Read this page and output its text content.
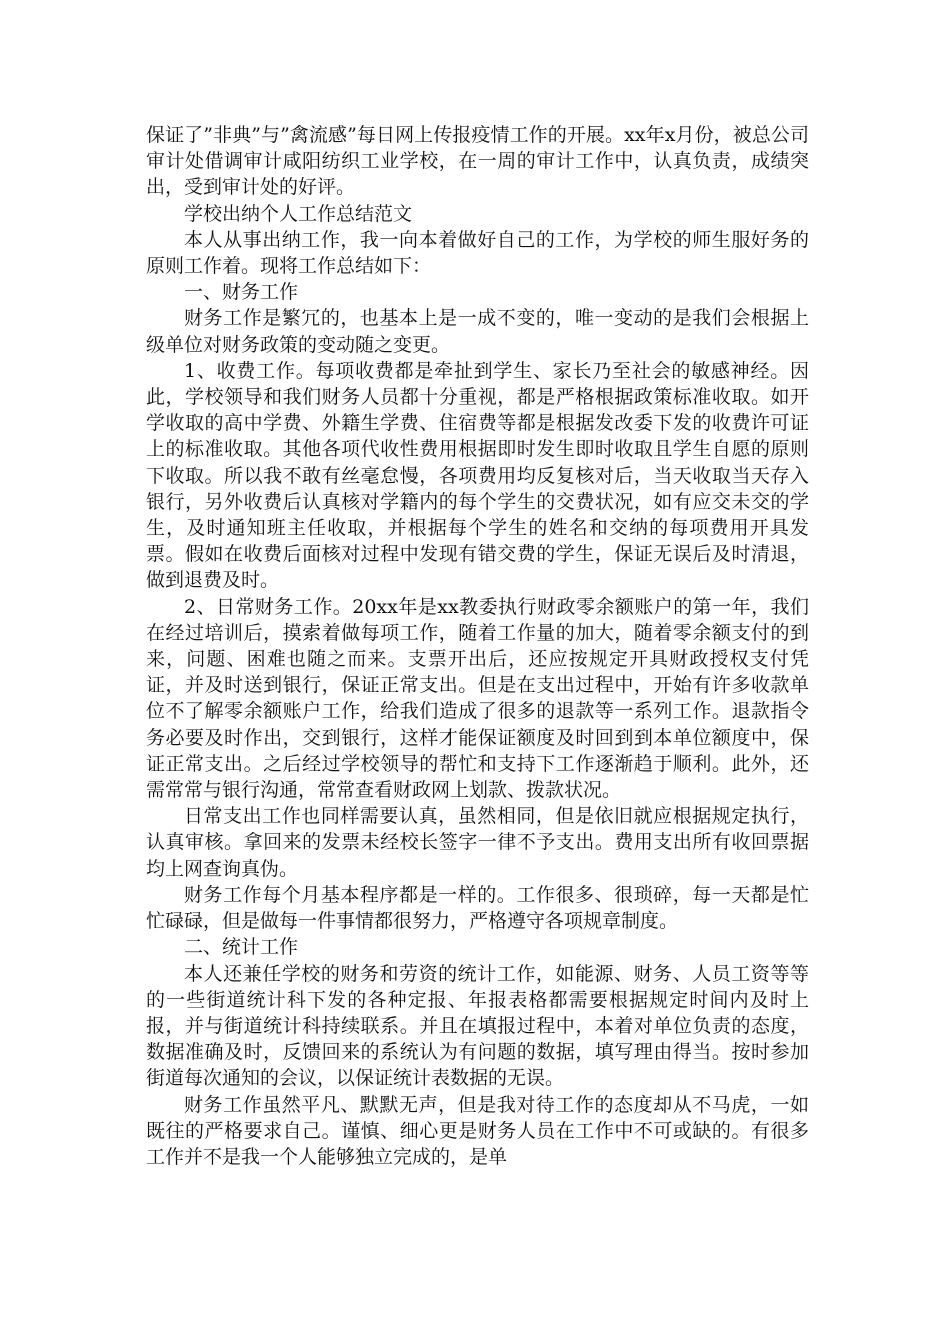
保证了”非典”与”禽流感”每日网上传报疫情工作的开展。xx年x月份，被总公司审计处借调审计咸阳纺织工业学校，在一周的审计工作中，认真负责，成绩突出，受到审计处的好评。

学校出纳个人工作总结范文

本人从事出纳工作，我一向本着做好自己的工作，为学校的师生服好务的原则工作着。现将工作总结如下：

一、财务工作

财务工作是繁冗的，也基本上是一成不变的，唯一变动的是我们会根据上级单位对财务政策的变动随之变更。

1、收费工作。每项收费都是牵扯到学生、家长乃至社会的敏感神经。因此，学校领导和我们财务人员都十分重视，都是严格根据政策标准收取。如开学收取的高中学费、外籍生学费、住宿费等都是根据发改委下发的收费许可证上的标准收取。其他各项代收性费用根据即时发生即时收取且学生自愿的原则下收取。所以我不敢有丝毫怠慢，各项费用均反复核对后，当天收取当天存入银行，另外收费后认真核对学籍内的每个学生的交费状况，如有应交未交的学生，及时通知班主任收取，并根据每个学生的姓名和交纳的每项费用开具发票。假如在收费后面核对过程中发现有错交费的学生，保证无误后及时清退，做到退费及时。

2、日常财务工作。20xx年是xx教委执行财政零余额账户的第一年，我们在经过培训后，摸索着做每项工作，随着工作量的加大，随着零余额支付的到来，问题、困难也随之而来。支票开出后，还应按规定开具财政授权支付凭证，并及时送到银行，保证正常支出。但是在支出过程中，开始有许多收款单位不了解零余额账户工作，给我们造成了很多的退款等一系列工作。退款指令务必要及时作出，交到银行，这样才能保证额度及时回到到本单位额度中，保证正常支出。之后经过学校领导的帮忙和支持下工作逐渐趋于顺利。此外，还需常常与银行沟通，常常查看财政网上划款、拨款状况。

日常支出工作也同样需要认真，虽然相同，但是依旧就应根据规定执行，认真审核。拿回来的发票未经校长签字一律不予支出。费用支出所有收回票据均上网查询真伪。

财务工作每个月基本程序都是一样的。工作很多、很琐碎，每一天都是忙忙碌碌，但是做每一件事情都很努力，严格遵守各项规章制度。

二、统计工作

本人还兼任学校的财务和劳资的统计工作，如能源、财务、人员工资等等的一些街道统计科下发的各种定报、年报表格都需要根据规定时间内及时上报，并与街道统计科持续联系。并且在填报过程中，本着对单位负责的态度，数据准确及时，反馈回来的系统认为有问题的数据，填写理由得当。按时参加街道每次通知的会议，以保证统计表数据的无误。

财务工作虽然平凡、默默无声，但是我对待工作的态度却从不马虎，一如既往的严格要求自己。谨慎、细心更是财务人员在工作中不可或缺的。有很多工作并不是我一个人能够独立完成的，是单
